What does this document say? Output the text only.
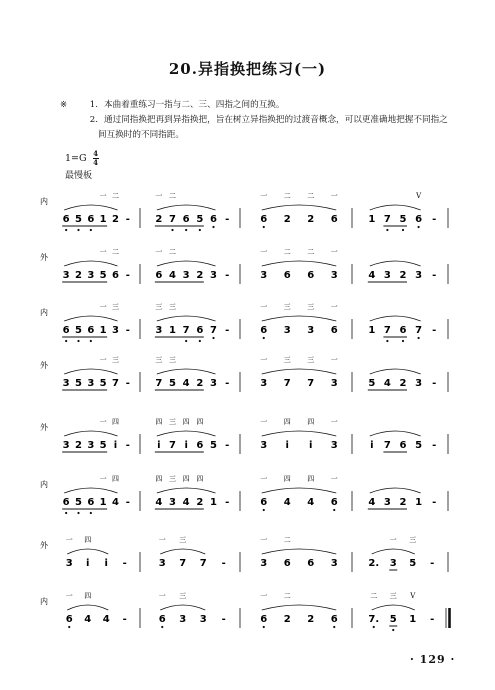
20.异指换把练习(一)
※	1. 本曲着重练习一指与二、三、四指之间的互换。
2. 通过同指换把再到异指换把，旨在树立异指换把的过渡音概念，可以更准确地把握不同指之
间互换时的不同指距。
$1=G \frac{4}{4}$
最慢板
内
6 5 6 1 2 -
一 二
2 7 6 5 6 -
一 二
6 2 2 6
一 二 二 一
1 7 5 6 -
V
外
3 2 3 5 6 -
一 二
6 4 3 2 3 -
一 二
3 6 6 3
一 二 二 一
4 3 2 3 -
内
6 5 6 1 3 -
一 三
3 1 7 6 7 -
三 三
6 3 3 6
一 三 三 一
1 7 6 7 -
外
3 5 3 5 7 -
一 三
7 5 4 2 3 -
三 三
3 7 7 3
一 三 三 一
5 4 2 3 -
外
3 2 3 5 i -
一 四
i 7 i 6 5 -
四 三 四 四
3 i i 3
一 四 四 一
i 7 6 5 -
内
6 5 6 1 4 -
一 四
4 3 4 2 1 -
四 三 四 四
6 4 4 6
一 四 四 一
4 3 2 1 -
外
3 i i -
一 四
3 7 7 -
一 三
3 6 6 3
一 二
2. 3 5 -
一 三
内
6 4 4 -
一 四
6 3 3 -
一 三
6 2 2 6
一 二
7. 5 1 -
二 三 V
· 129 ·
